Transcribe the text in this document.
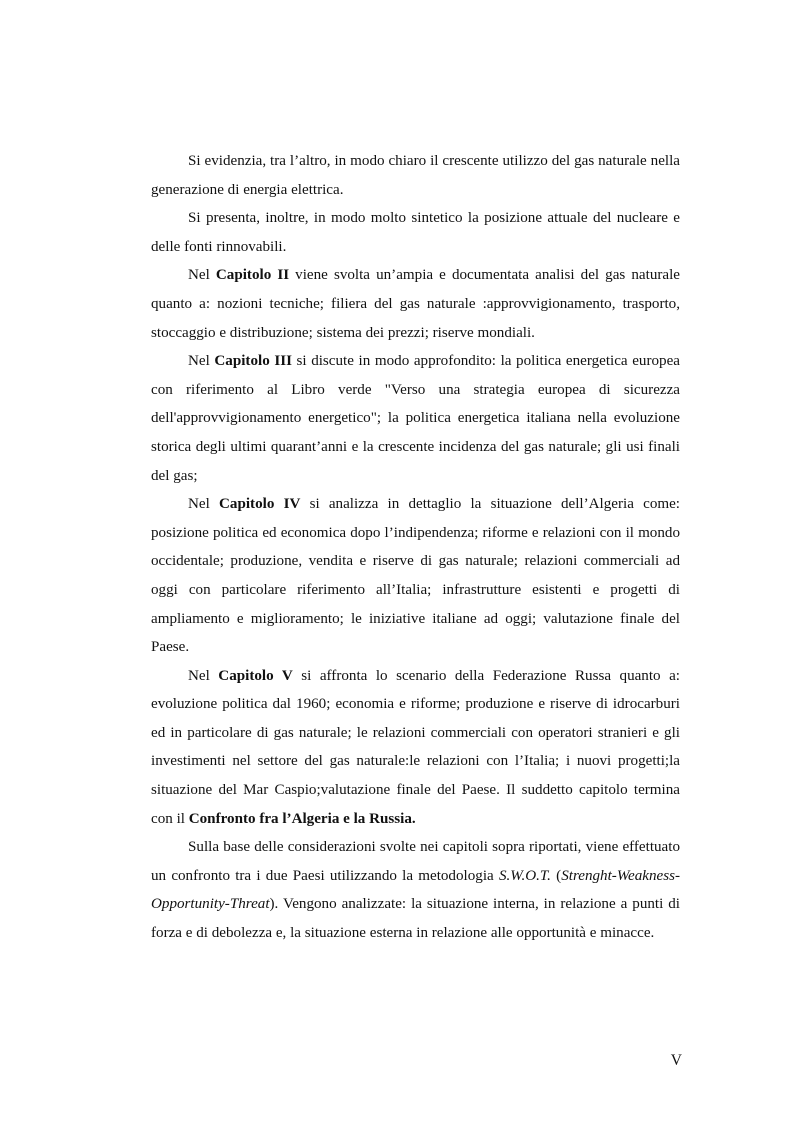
Si evidenzia, tra l’altro, in modo chiaro il crescente utilizzo del gas naturale nella generazione di energia elettrica.

Si presenta, inoltre, in modo molto sintetico la posizione attuale del nucleare e delle fonti rinnovabili.

Nel Capitolo II viene svolta un’ampia e documentata analisi del gas naturale quanto a: nozioni tecniche; filiera del gas naturale :approvvigionamento, trasporto, stoccaggio e distribuzione; sistema dei prezzi; riserve mondiali.

Nel Capitolo III si discute in modo approfondito: la politica energetica europea con riferimento al Libro verde "Verso una strategia europea di sicurezza dell'approvvigionamento energetico"; la politica energetica italiana nella evoluzione storica degli ultimi quarant’anni e la crescente incidenza del gas naturale; gli usi finali del gas;

Nel Capitolo IV si analizza in dettaglio la situazione dell’Algeria come: posizione politica ed economica dopo l’indipendenza; riforme e relazioni con il mondo occidentale; produzione, vendita e riserve di gas naturale; relazioni commerciali ad oggi con particolare riferimento all’Italia; infrastrutture esistenti e progetti di ampliamento e miglioramento; le iniziative italiane ad oggi; valutazione finale del Paese.

Nel Capitolo V si affronta lo scenario della Federazione Russa quanto a: evoluzione politica dal 1960; economia e riforme; produzione e riserve di idrocarburi ed in particolare di gas naturale; le relazioni commerciali con operatori stranieri e gli investimenti nel settore del gas naturale:le relazioni con l’Italia; i nuovi progetti;la situazione del Mar Caspio;valutazione finale del Paese. Il suddetto capitolo termina con il Confronto fra l’Algeria e la Russia.

Sulla base delle considerazioni svolte nei capitoli sopra riportati, viene effettuato un confronto tra i due Paesi utilizzando la metodologia S.W.O.T. (Strenght-Weakness-Opportunity-Threat). Vengono analizzate: la situazione interna, in relazione a punti di forza e di debolezza e, la situazione esterna in relazione alle opportunità e minacce.

V
